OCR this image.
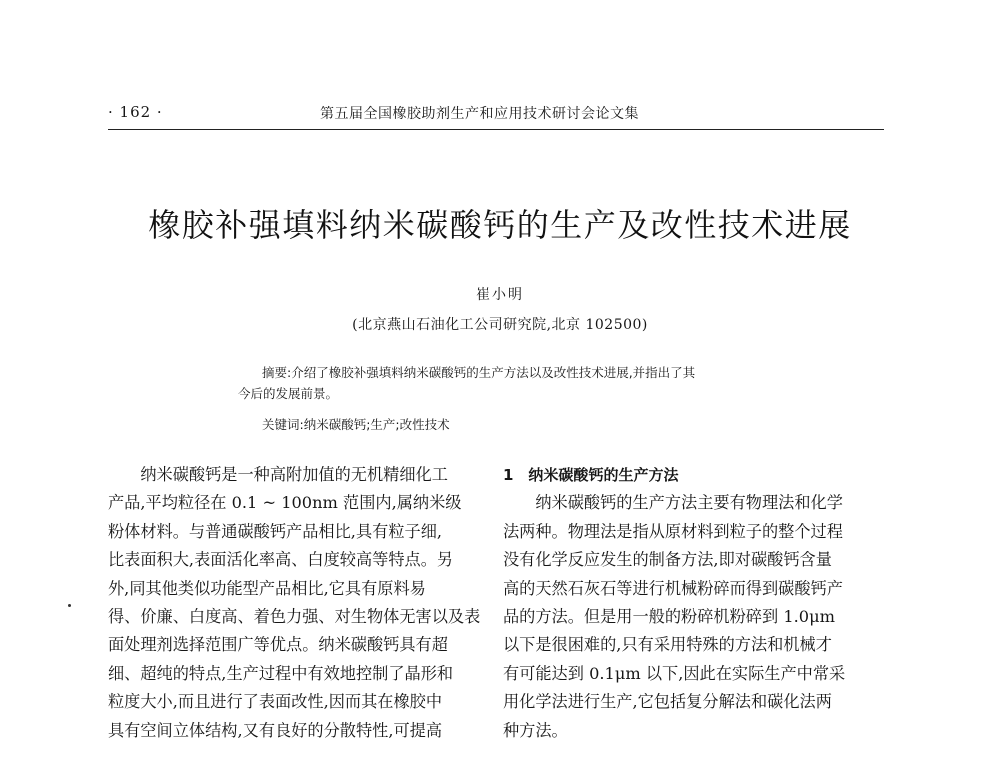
· 162 ·	第五届全国橡胶助剂生产和应用技术研讨会论文集
橡胶补强填料纳米碳酸钙的生产及改性技术进展
崔小明
(北京燕山石油化工公司研究院,北京 102500)
摘要:介绍了橡胶补强填料纳米碳酸钙的生产方法以及改性技术进展,并指出了其
今后的发展前景。
关键词:纳米碳酸钙;生产;改性技术
　　纳米碳酸钙是一种高附加值的无机精细化工
产品,平均粒径在 0.1 ~ 100nm 范围内,属纳米级
粉体材料。与普通碳酸钙产品相比,具有粒子细,
比表面积大,表面活化率高、白度较高等特点。另
外,同其他类似功能型产品相比,它具有原料易
得、价廉、白度高、着色力强、对生物体无害以及表
面处理剂选择范围广等优点。纳米碳酸钙具有超
细、超纯的特点,生产过程中有效地控制了晶形和
粒度大小,而且进行了表面改性,因而其在橡胶中
具有空间立体结构,又有良好的分散特性,可提高
1　纳米碳酸钙的生产方法
　　纳米碳酸钙的生产方法主要有物理法和化学
法两种。物理法是指从原材料到粒子的整个过程
没有化学反应发生的制备方法,即对碳酸钙含量
高的天然石灰石等进行机械粉碎而得到碳酸钙产
品的方法。但是用一般的粉碎机粉碎到 1.0μm
以下是很困难的,只有采用特殊的方法和机械才
有可能达到 0.1μm 以下,因此在实际生产中常采
用化学法进行生产,它包括复分解法和碳化法两
种方法。
